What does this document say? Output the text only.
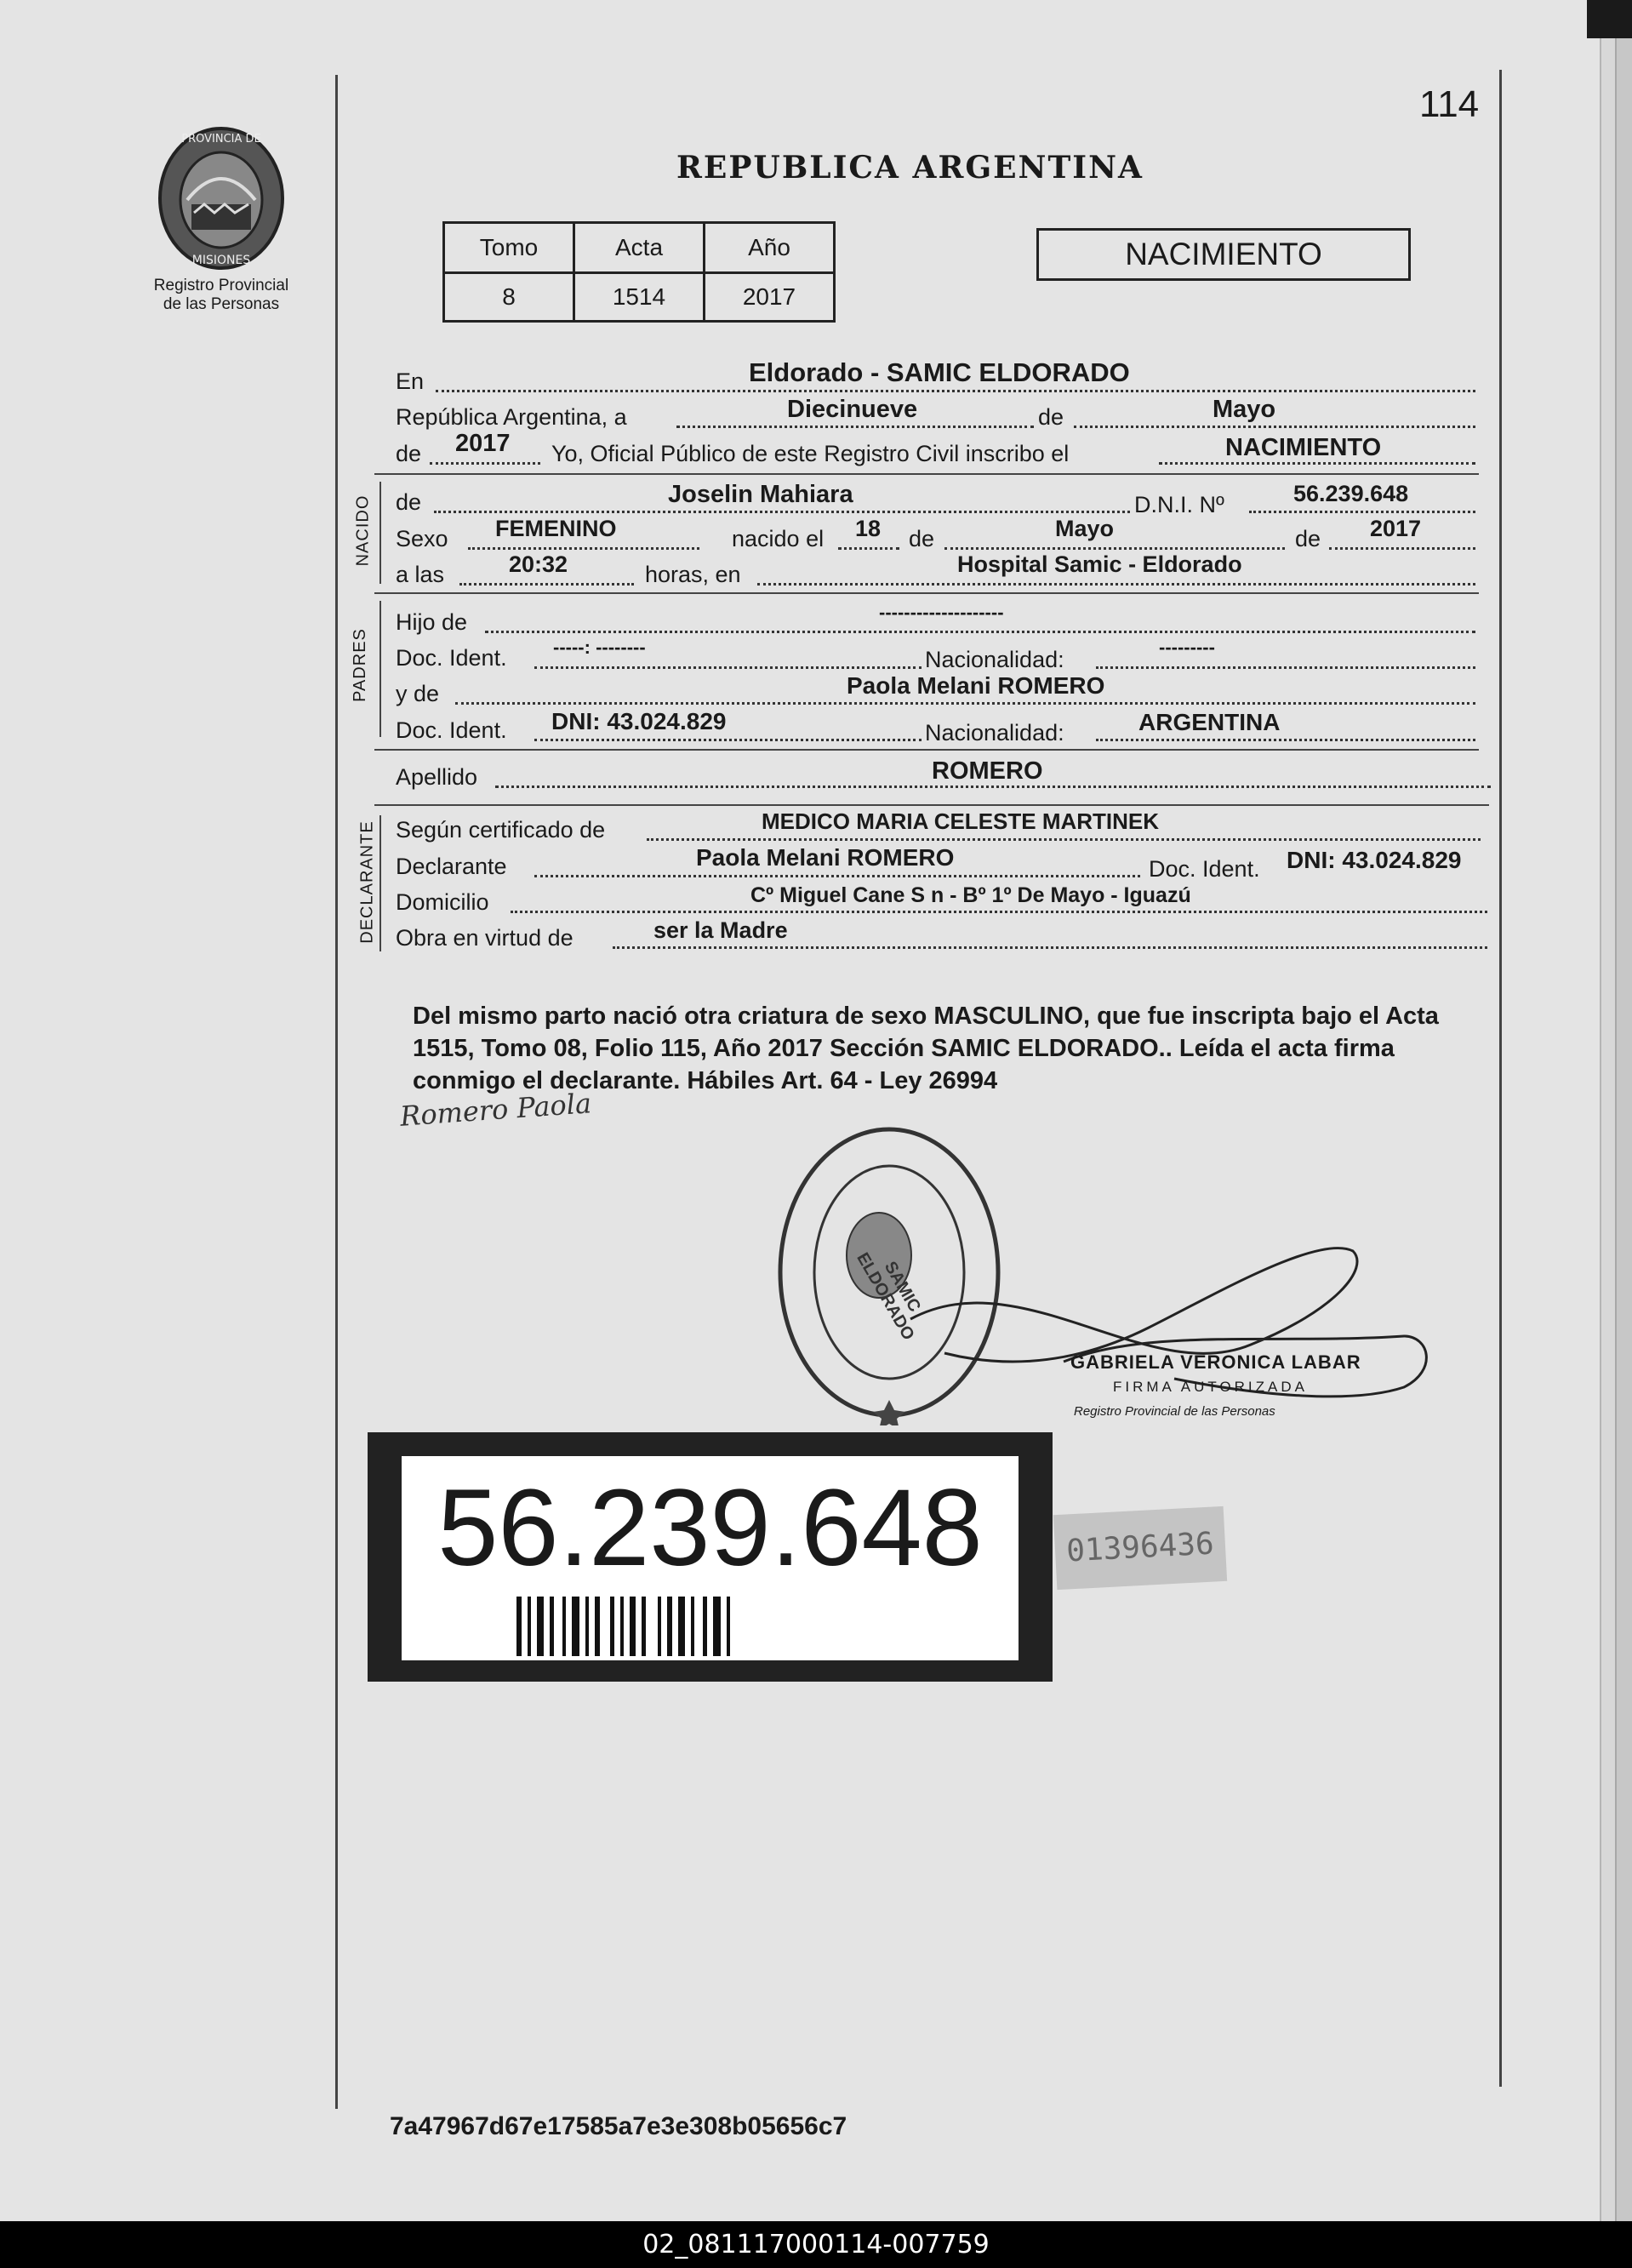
PROVINCIA DE
MISIONES
Registro Provincial
de las Personas
114
REPUBLICA ARGENTINA
Tomo	Acta	Año
8	1514	2017
NACIMIENTO
En	Eldorado - SAMIC ELDORADO
República Argentina, a	Diecinueve	de	Mayo
de 2017 Yo, Oficial Público de este Registro Civil inscribo el	NACIMIENTO
NACIDO de	Joselin Mahiara	D.N.I. Nº	56.239.648
Sexo FEMENINO	nacido el 18 de	Mayo	de 2017
a las	20:32	horas, en	Hospital Samic - Eldorado
PADRES
Hijo de	--------------------
Doc. Ident. -----: --------	Nacionalidad:	---------
y de	Paola Melani ROMERO
Doc. Ident. DNI: 43.024.829	Nacionalidad:	ARGENTINA
Apellido	ROMERO
DECLARANTE Según certificado de	MEDICO MARIA CELESTE MARTINEK
Declarante	Paola Melani ROMERO	Doc. Ident. DNI: 43.024.829
Domicilio	Cº Miguel Cane S n - Bº 1º De Mayo - Iguazú
Obra en virtud de	ser la Madre
Del mismo parto nació otra criatura de sexo MASCULINO, que fue inscripta bajo el Acta 1515, Tomo 08, Folio 115, Año 2017 Sección SAMIC ELDORADO.. Leída el acta firma conmigo el declarante. Hábiles Art. 64 - Ley 26994
Romero Paola
SAMIC ELDORADO
GABRIELA VERONICA LABAR
FIRMA AUTORIZADA
Registro Provincial de las Personas
56.239.648	01396436
7a47967d67e17585a7e3e308b05656c7
02_081117000114-007759
